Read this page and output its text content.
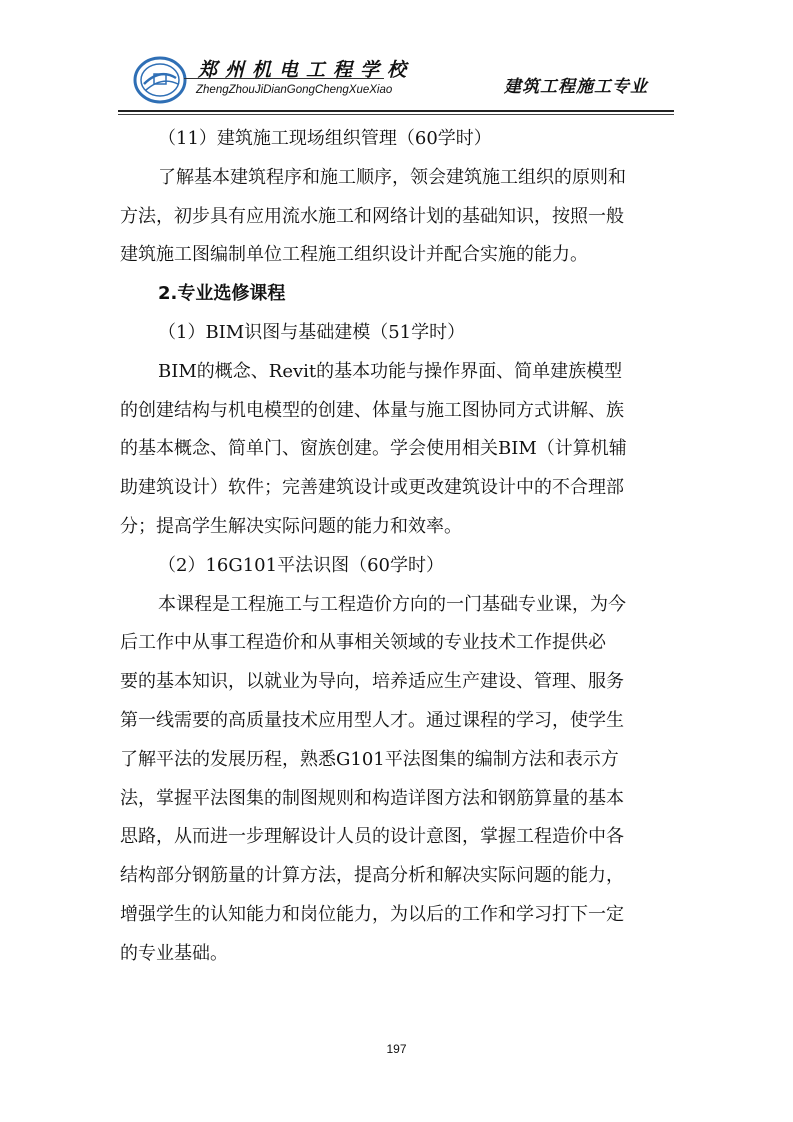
郑州机电工程学校
ZhengZhouJiDianGongChengXueXiao	建筑工程施工专业
（11）建筑施工现场组织管理（60学时）
了解基本建筑程序和施工顺序，领会建筑施工组织的原则和
方法，初步具有应用流水施工和网络计划的基础知识，按照一般
建筑施工图编制单位工程施工组织设计并配合实施的能力。
2.专业选修课程
（1）BIM识图与基础建模（51学时）
BIM的概念、Revit的基本功能与操作界面、简单建族模型
的创建结构与机电模型的创建、体量与施工图协同方式讲解、族
的基本概念、简单门、窗族创建。学会使用相关BIM（计算机辅
助建筑设计）软件；完善建筑设计或更改建筑设计中的不合理部
分；提高学生解决实际问题的能力和效率。
（2）16G101平法识图（60学时）
本课程是工程施工与工程造价方向的一门基础专业课，为今
后工作中从事工程造价和从事相关领域的专业技术工作提供必
要的基本知识，以就业为导向，培养适应生产建设、管理、服务
第一线需要的高质量技术应用型人才。通过课程的学习，使学生
了解平法的发展历程，熟悉G101平法图集的编制方法和表示方
法，掌握平法图集的制图规则和构造详图方法和钢筋算量的基本
思路，从而进一步理解设计人员的设计意图，掌握工程造价中各
结构部分钢筋量的计算方法，提高分析和解决实际问题的能力，
增强学生的认知能力和岗位能力，为以后的工作和学习打下一定
的专业基础。
197
